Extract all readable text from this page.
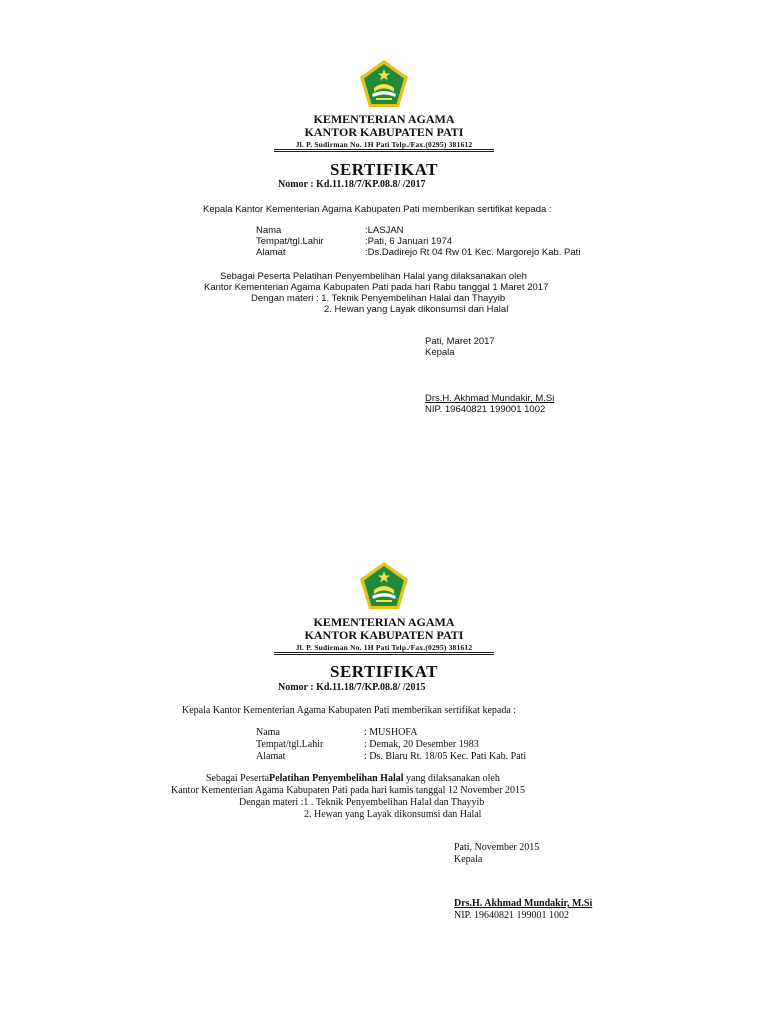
KEMENTERIAN AGAMA
KANTOR KABUPATEN PATI
Jl. P. Sudirman No. 1H Pati Telp./Fax.(0295) 381612
SERTIFIKAT
Nomor : Kd.11.18/7/KP.08.8/ /2017
Kepala Kantor Kementerian Agama Kabupaten Pati memberikan sertifikat kepada :
Nama	:LASJAN
Tempat/tgl.Lahir	:Pati, 6 Januari 1974
Alamat	:Ds.Dadirejo Rt 04 Rw 01 Kec. Margorejo Kab. Pati
Sebagai Peserta Pelatihan Penyembelihan Halal yang dilaksanakan oleh
Kantor Kementerian Agama Kabupaten Pati pada hari Rabu tanggal 1 Maret 2017
Dengan materi : 1. Teknik Penyembelihan Halal dan Thayyib
2. Hewan yang Layak dikonsumsi dan Halal
Pati, Maret 2017
Kepala
Drs.H. Akhmad Mundakir, M.Si
NIP. 19640821 199001 1002
KEMENTERIAN AGAMA
KANTOR KABUPATEN PATI
Jl. P. Sudirman No. 1H Pati Telp./Fax.(0295) 381612
SERTIFIKAT
Nomor : Kd.11.18/7/KP.08.8/ /2015
Kepala Kantor Kementerian Agama Kabupaten Pati memberikan sertifikat kepada :
Nama	: MUSHOFA
Tempat/tgl.Lahir	: Demak, 20 Desember 1983
Alamat	: Ds. Blaru Rt. 18/05 Kec. Pati Kab. Pati
Sebagai PesertaPelatihan Penyembelihan Halal yang dilaksanakan oleh
Kantor Kementerian Agama Kabupaten Pati pada hari kamis tanggal 12 November 2015
Dengan materi :1 . Teknik Penyembelihan Halal dan Thayyib
2. Hewan yang Layak dikonsumsi dan Halal
Pati, November 2015
Kepala
Drs.H. Akhmad Mundakir, M.Si
NIP. 19640821 199001 1002
